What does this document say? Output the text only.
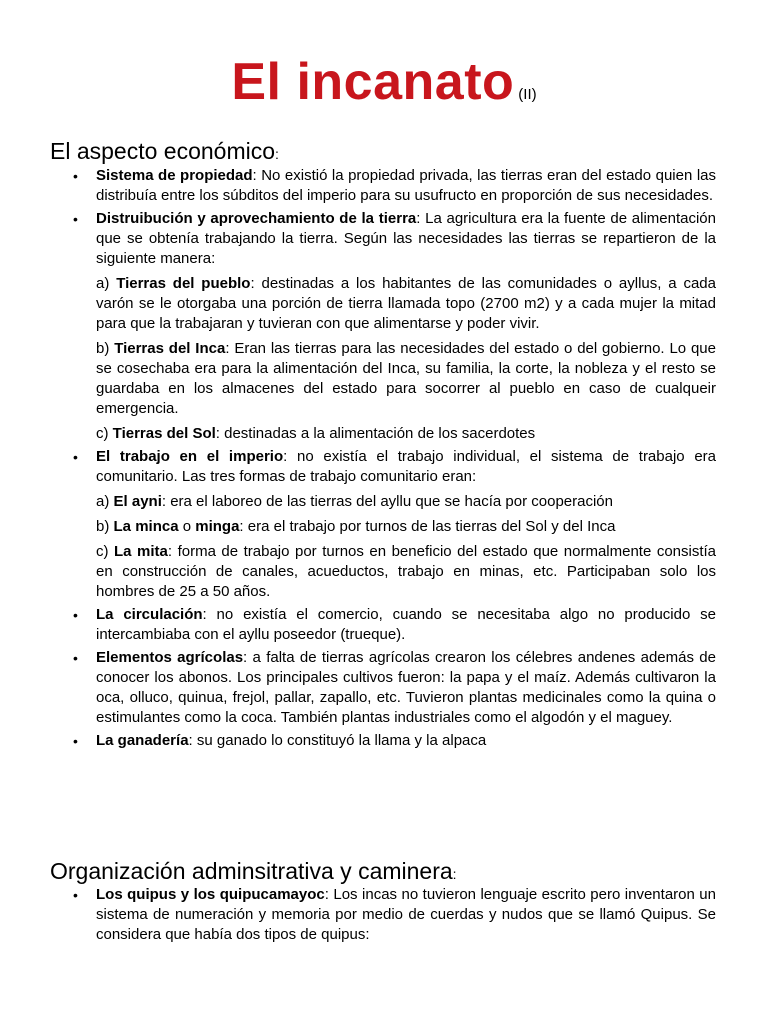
El incanato (II)
El aspecto económico:
• Sistema de propiedad: No existió la propiedad privada, las tierras eran del estado quien las distribuía entre los súbditos del imperio para su usufructo en proporción de sus necesidades.

• Distruibución y aprovechamiento de la tierra: La agricultura era la fuente de alimentación que se obtenía trabajando la tierra. Según las necesidades las tierras se repartieron de la siguiente manera:

a) Tierras del pueblo: destinadas a los habitantes de las comunidades o ayllus, a cada varón se le otorgaba una porción de tierra llamada topo (2700 m2) y a cada mujer la mitad para que la trabajaran y tuvieran con que alimentarse y poder vivir.

b) Tierras del Inca: Eran las tierras para las necesidades del estado o del gobierno. Lo que se cosechaba era para la alimentación del Inca, su familia, la corte, la nobleza y el resto se guardaba en los almacenes del estado para socorrer al pueblo en caso de cualqueir emergencia.

c) Tierras del Sol: destinadas a la alimentación de los sacerdotes

• El trabajo en el imperio: no existía el trabajo individual, el sistema de trabajo era comunitario. Las tres formas de trabajo comunitario eran:

a) El ayni: era el laboreo de las tierras del ayllu que se hacía por cooperación

b) La minca o minga: era el trabajo por turnos de las tierras del Sol y del Inca

c) La mita: forma de trabajo por turnos en beneficio del estado que normalmente consistía en construcción de canales, acueductos, trabajo en minas, etc. Participaban solo los hombres de 25 a 50 años.

• La circulación: no existía el comercio, cuando se necesitaba algo no producido se intercambiaba con el ayllu poseedor (trueque).

• Elementos agrícolas: a falta de tierras agrícolas crearon los célebres andenes además de conocer los abonos. Los principales cultivos fueron: la papa y el maíz. Además cultivaron la oca, olluco, quinua, frejol, pallar, zapallo, etc. Tuvieron plantas medicinales como la quina o estimulantes como la coca. También plantas industriales como el algodón y el maguey.

• La ganadería: su ganado lo constituyó la llama y la alpaca

Organización adminsitrativa y caminera:
• Los quipus y los quipucamayoc: Los incas no tuvieron lenguaje escrito pero inventaron un sistema de numeración y memoria por medio de cuerdas y nudos que se llamó Quipus. Se considera que había dos tipos de quipus:
